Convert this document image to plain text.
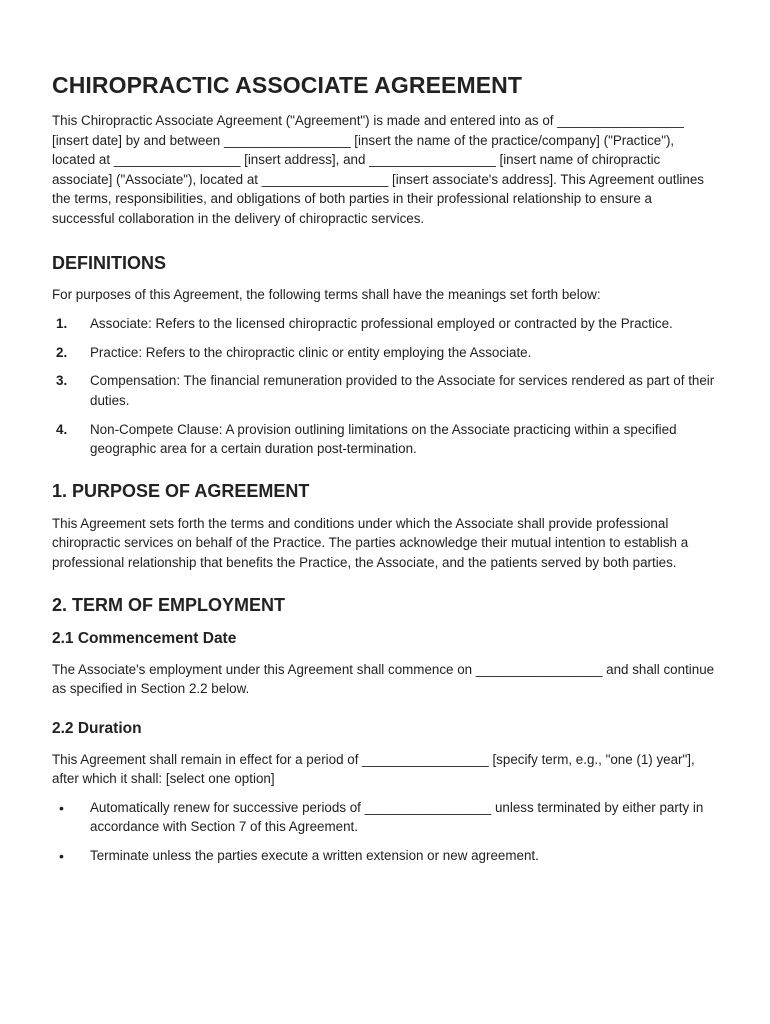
CHIROPRACTIC ASSOCIATE AGREEMENT

This Chiropractic Associate Agreement ("Agreement") is made and entered into as of _________________ [insert date] by and between _________________ [insert the name of the practice/company] ("Practice"), located at _________________ [insert address], and _________________ [insert name of chiropractic associate] ("Associate"), located at _________________ [insert associate's address]. This Agreement outlines the terms, responsibilities, and obligations of both parties in their professional relationship to ensure a successful collaboration in the delivery of chiropractic services.

DEFINITIONS

For purposes of this Agreement, the following terms shall have the meanings set forth below:

1. Associate: Refers to the licensed chiropractic professional employed or contracted by the Practice.
2. Practice: Refers to the chiropractic clinic or entity employing the Associate.
3. Compensation: The financial remuneration provided to the Associate for services rendered as part of their duties.
4. Non-Compete Clause: A provision outlining limitations on the Associate practicing within a specified geographic area for a certain duration post-termination.
1. PURPOSE OF AGREEMENT

This Agreement sets forth the terms and conditions under which the Associate shall provide professional chiropractic services on behalf of the Practice. The parties acknowledge their mutual intention to establish a professional relationship that benefits the Practice, the Associate, and the patients served by both parties.

2. TERM OF EMPLOYMENT
2.1 Commencement Date

The Associate's employment under this Agreement shall commence on _________________ and shall continue as specified in Section 2.2 below.

2.2 Duration

This Agreement shall remain in effect for a period of _________________ [specify term, e.g., "one (1) year"], after which it shall: [select one option]

• Automatically renew for successive periods of _________________ unless terminated by either party in accordance with Section 7 of this Agreement.
• Terminate unless the parties execute a written extension or new agreement.
